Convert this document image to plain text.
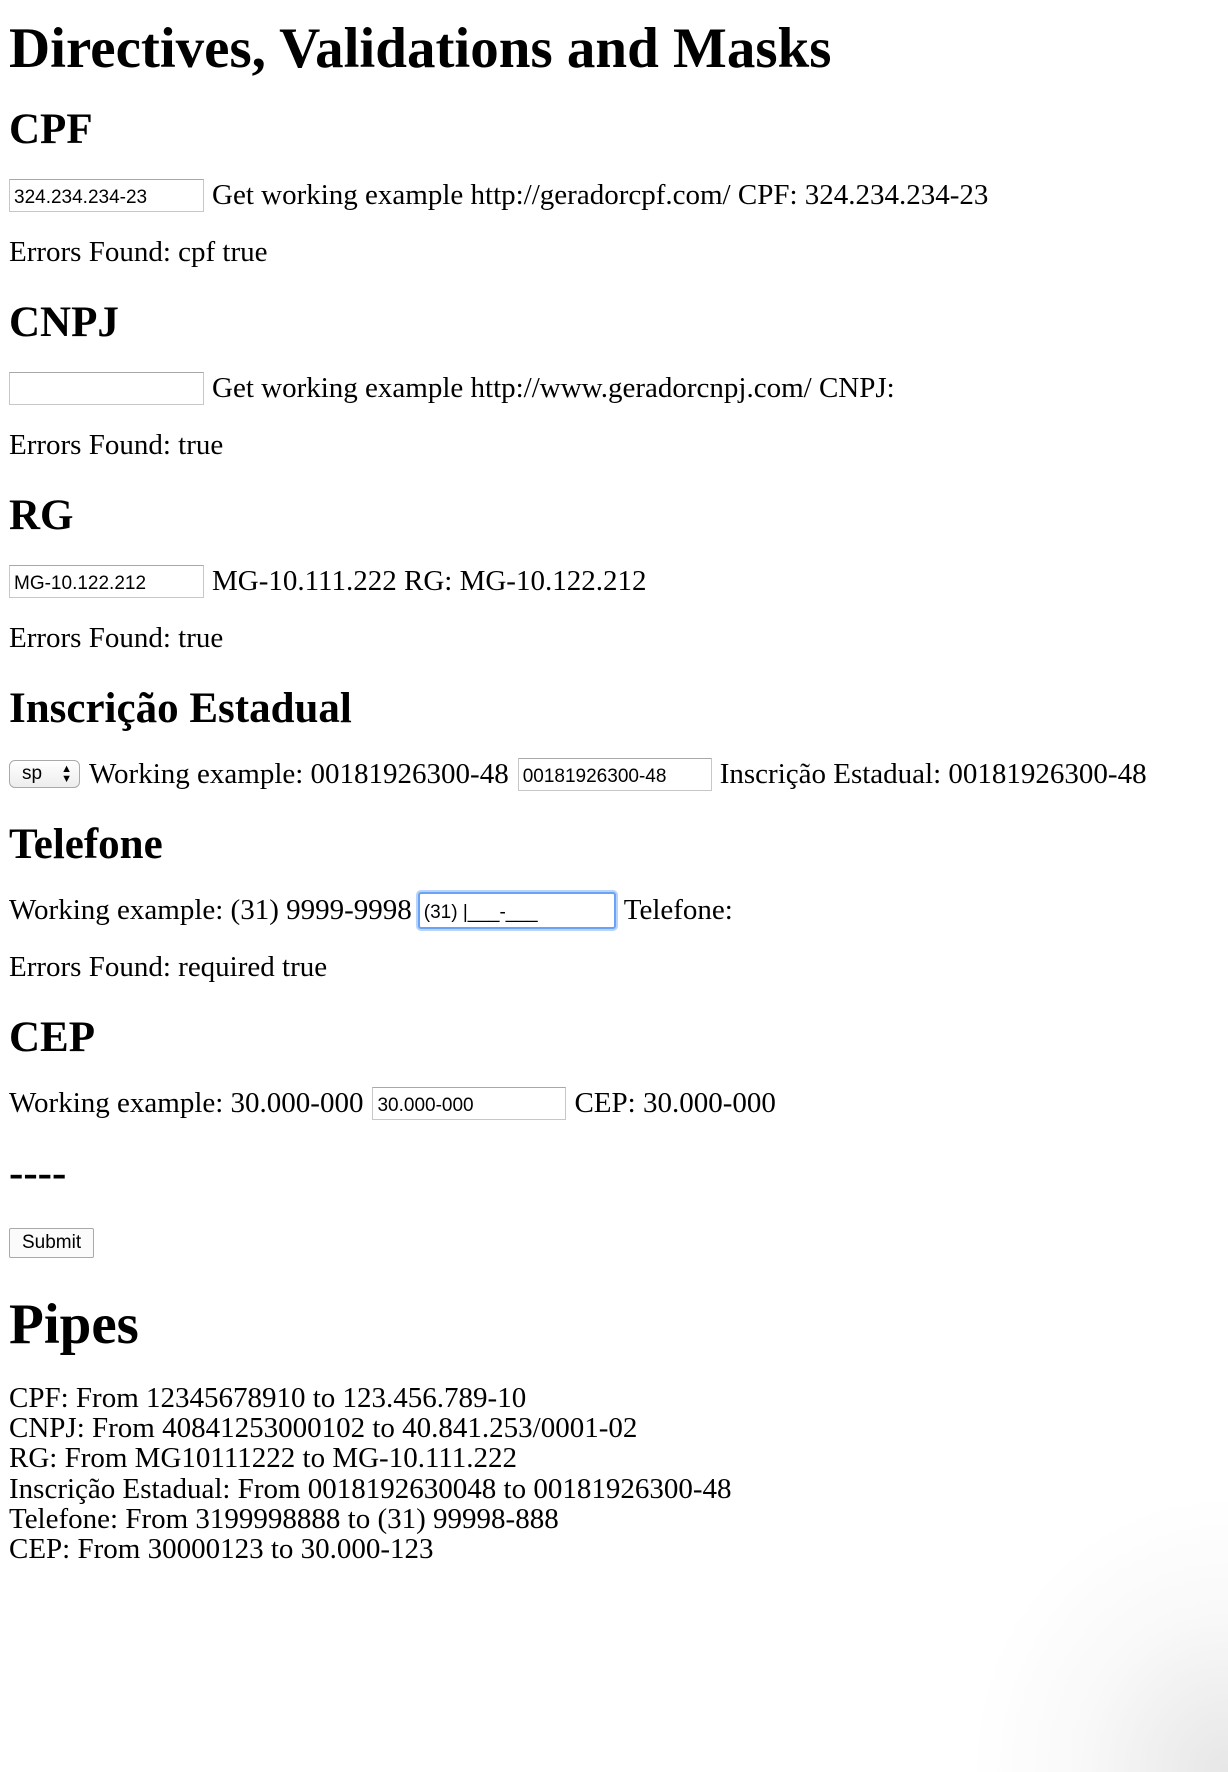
Directives, Validations and Masks
CPF
324.234.234-23
Get working example http://geradorcpf.com/ CPF: 324.234.234-23
Errors Found: cpf true
CNPJ
Get working example http://www.geradorcnpj.com/ CNPJ:
Errors Found: true
RG
MG-10.122.212
MG-10.111.222 RG: MG-10.122.212
Errors Found: true
Inscrição Estadual
sp ▲
▼ Working example: 00181926300-48
00181926300-48	Inscrição Estadual: 00181926300-48
Telefone
Working example: (31) 9999-9998
(31) |___-___	Telefone:
Errors Found: required true
CEP
Working example: 30.000-000
30.000-000	CEP: 30.000-000
----
Submit
Pipes
CPF: From 12345678910 to 123.456.789-10
CNPJ: From 40841253000102 to 40.841.253/0001-02
RG: From MG10111222 to MG-10.111.222
Inscrição Estadual: From 0018192630048 to 00181926300-48
Telefone: From 3199998888 to (31) 99998-888
CEP: From 30000123 to 30.000-123
